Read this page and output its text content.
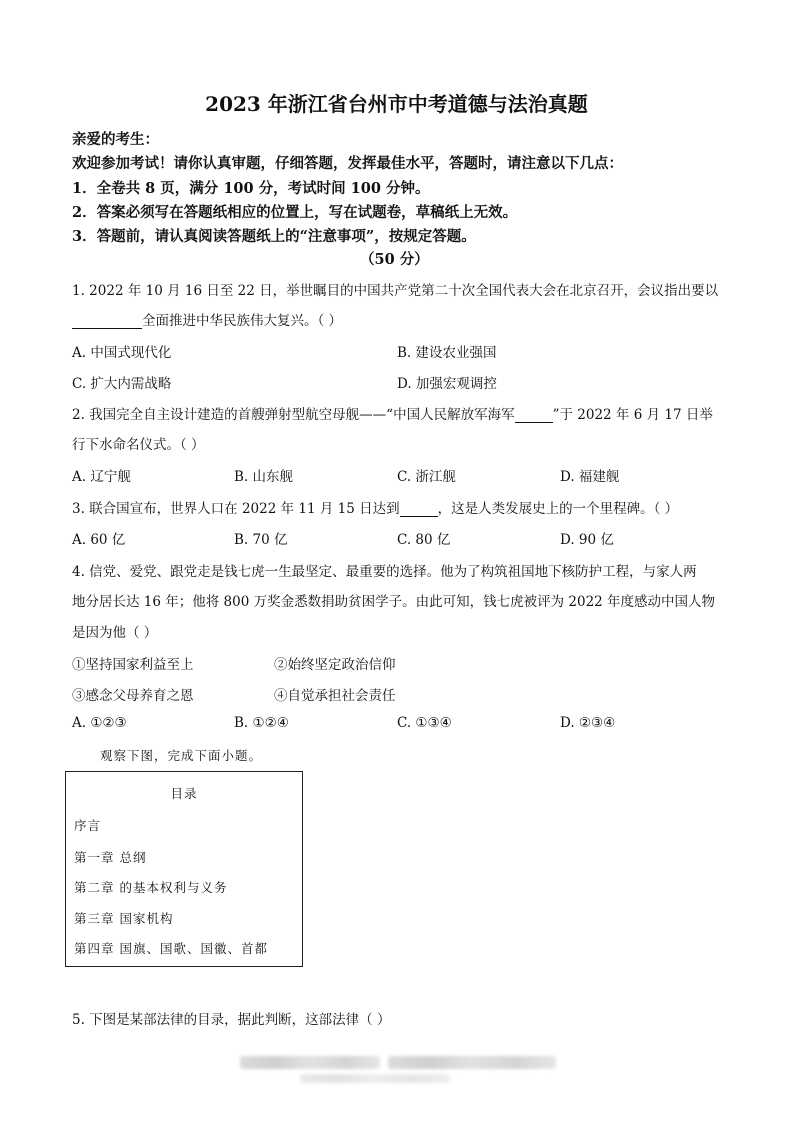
2023 年浙江省台州市中考道德与法治真题
亲爱的考生：
欢迎参加考试！请你认真审题，仔细答题，发挥最佳水平，答题时，请注意以下几点：
1．全卷共 8 页，满分 100 分，考试时间 100 分钟。
2．答案必须写在答题纸相应的位置上，写在试题卷，草稿纸上无效。
3．答题前，请认真阅读答题纸上的“注意事项”，按规定答题。
（50 分）
1. 2022 年 10 月 16 日至 22 日，举世瞩目的中国共产党第二十次全国代表大会在北京召开，会议指出要以
全面推进中华民族伟大复兴。（ ）
A. 中国式现代化	B. 建设农业强国
C. 扩大内需战略	D. 加强宏观调控
2. 我国完全自主设计建造的首艘弹射型航空母舰——“中国人民解放军海军	”于 2022 年 6 月 17 日举
行下水命名仪式。（ ）
A. 辽宁舰	B. 山东舰	C. 浙江舰	D. 福建舰
3. 联合国宣布，世界人口在 2022 年 11 月 15 日达到	，这是人类发展史上的一个里程碑。（ ）
A. 60 亿	B. 70 亿	C. 80 亿	D. 90 亿
4. 信党、爱党、跟党走是钱七虎一生最坚定、最重要的选择。他为了构筑祖国地下核防护工程，与家人两
地分居长达 16 年；他将 800 万奖金悉数捐助贫困学子。由此可知，钱七虎被评为 2022 年度感动中国人物
是因为他（ ）
①坚持国家利益至上	②始终坚定政治信仰
③感念父母养育之恩	④自觉承担社会责任
A. ①②③	B. ①②④	C. ①③④	D. ②③④
观察下图，完成下面小题。
目录
序言
第一章 总纲
第二章 的基本权利与义务
第三章 国家机构
第四章 国旗、国歌、国徽、首都
5. 下图是某部法律的目录，据此判断，这部法律（ ）
